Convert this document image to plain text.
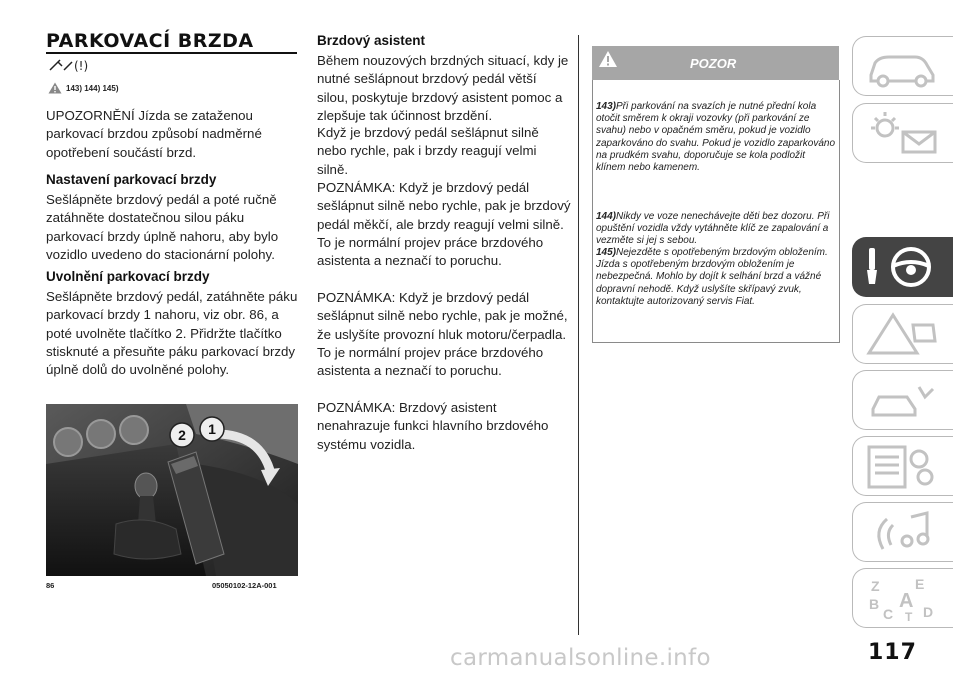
PARKOVACÍ BRZDA
(!)
143) 144) 145)

UPOZORNĚNÍ Jízda se zataženou parkovací brzdou způsobí nadměrné opotřebení součástí brzd.

Nastavení parkovací brzdy

Sešlápněte brzdový pedál a poté ručně zatáhněte dostatečnou silou páku parkovací brzdy úplně nahoru, aby bylo vozidlo uvedeno do stacionární polohy.

Uvolnění parkovací brzdy

Sešlápněte brzdový pedál, zatáhněte páku parkovací brzdy 1 nahoru, viz obr. 86, a poté uvolněte tlačítko 2. Přidržte tlačítko stisknuté a přesuňte páku parkovací brzdy úplně dolů do uvolněné polohy.

2 1
86	05050102-12A-001

Brzdový asistent

Během nouzových brzdných situací, kdy je nutné sešlápnout brzdový pedál větší silou, poskytuje brzdový asistent pomoc a zlepšuje tak účinnost brzdění.

Když je brzdový pedál sešlápnut silně nebo rychle, pak i brzdy reagují velmi silně.

POZNÁMKA: Když je brzdový pedál sešlápnut silně nebo rychle, pak je brzdový pedál měkčí, ale brzdy reagují velmi silně. To je normální projev práce brzdového asistenta a neznačí to poruchu.

POZNÁMKA: Když je brzdový pedál sešlápnut silně nebo rychle, pak je možné, že uslyšíte provozní hluk motoru/čerpadla. To je normální projev práce brzdového asistenta a neznačí to poruchu.

POZNÁMKA: Brzdový asistent nenahrazuje funkci hlavního brzdového systému vozidla.

POZOR

143)Při parkování na svazích je nutné přední kola otočit směrem k okraji vozovky (při parkování ze svahu) nebo v opačném směru, pokud je vozidlo zaparkováno do svahu. Pokud je vozidlo zaparkováno na prudkém svahu, doporučuje se kola podložit klínem nebo kamenem.

144)Nikdy ve voze nenechávejte děti bez dozoru. Při opuštění vozidla vždy vytáhněte klíč ze zapalování a vezměte si jej s sebou.

145)Nejezděte s opotřebeným brzdovým obložením. Jízda s opotřebeným brzdovým obložením je nebezpečná. Mohlo by dojít k selhání brzd a vážné dopravní nehodě. Když uslyšíte skřípavý zvuk, kontaktujte autorizovaný servis Fiat.

Z	E
B A
C T D
117
carmanualsonline.info
